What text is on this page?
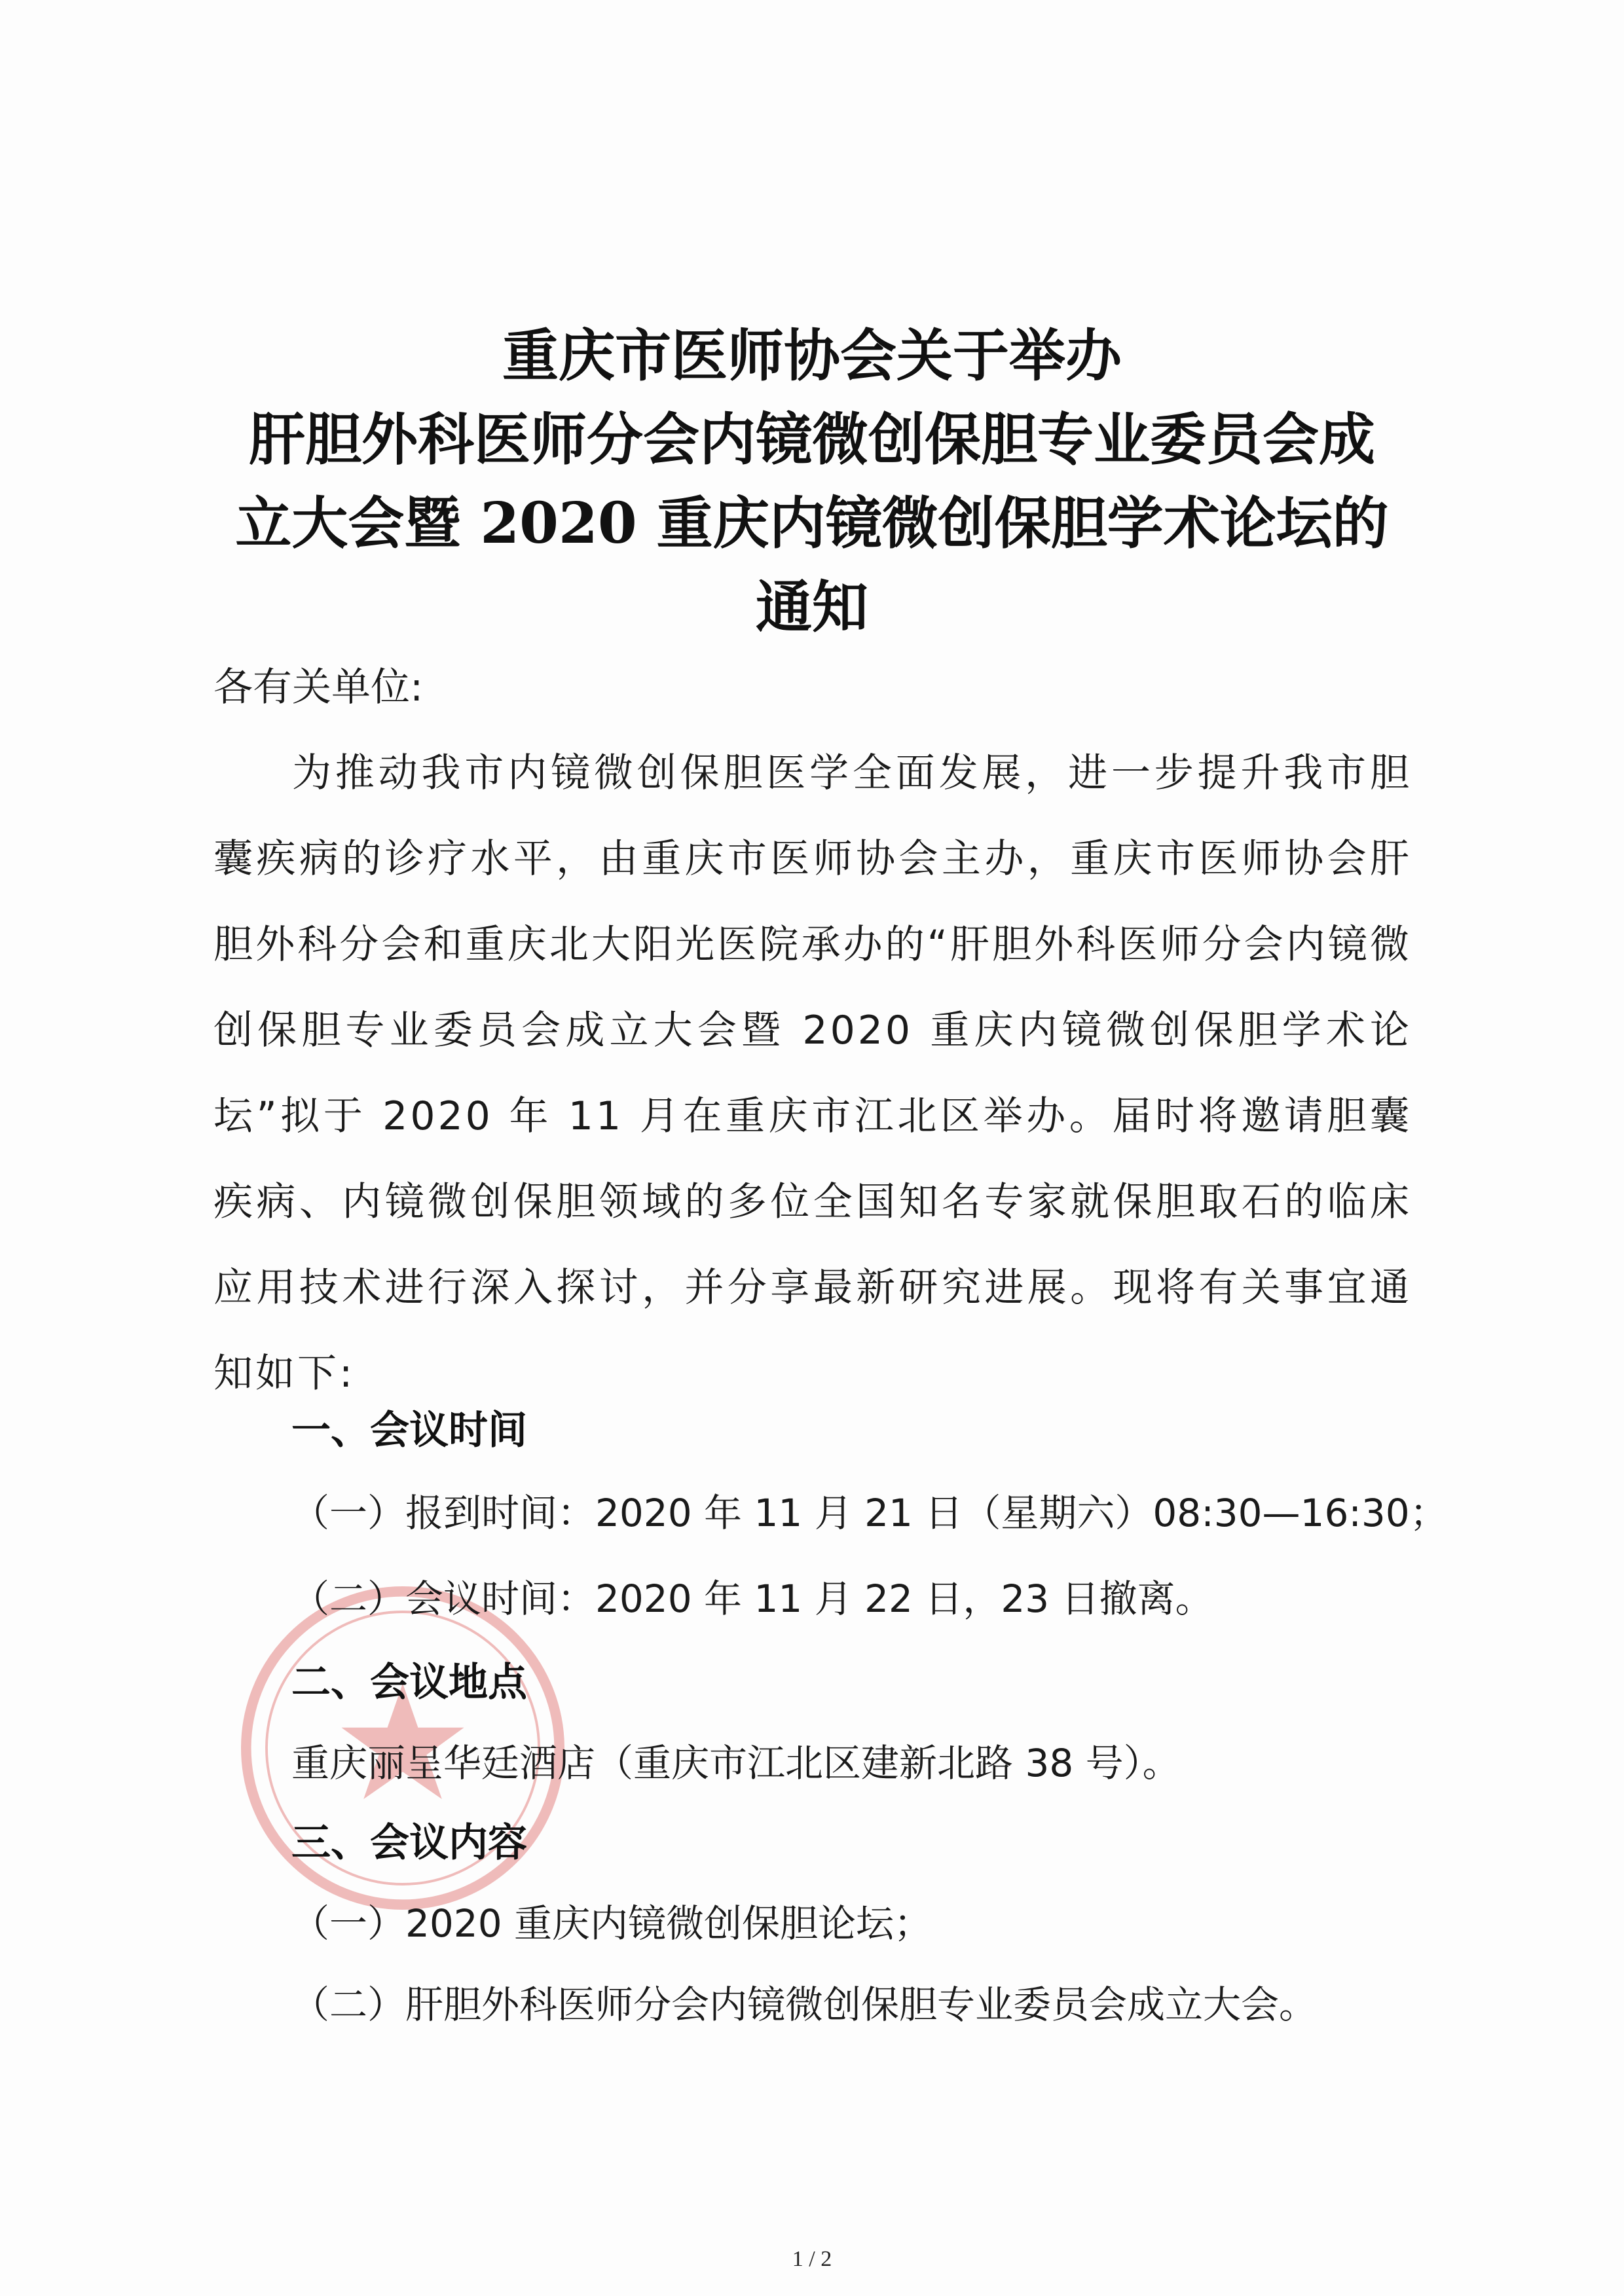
重庆市医师协会关于举办
肝胆外科医师分会内镜微创保胆专业委员会成
立大会暨 2020 重庆内镜微创保胆学术论坛的
通知
各有关单位:
为推动我市内镜微创保胆医学全面发展，进一步提升我市胆囊疾病的诊疗水平，由重庆市医师协会主办，重庆市医师协会肝胆外科分会和重庆北大阳光医院承办的“肝胆外科医师分会内镜微创保胆专业委员会成立大会暨 2020 重庆内镜微创保胆学术论坛”拟于 2020 年 11 月在重庆市江北区举办。届时将邀请胆囊疾病、内镜微创保胆领域的多位全国知名专家就保胆取石的临床应用技术进行深入探讨，并分享最新研究进展。现将有关事宜通知如下:
一、会议时间
（一）报到时间：2020 年 11 月 21 日（星期六）08:30—16:30；
（二）会议时间：2020 年 11 月 22 日，23 日撤离。
二、会议地点
重庆丽呈华廷酒店（重庆市江北区建新北路 38 号）。
三、会议内容
（一）2020 重庆内镜微创保胆论坛；
（二）肝胆外科医师分会内镜微创保胆专业委员会成立大会。
1 / 2
